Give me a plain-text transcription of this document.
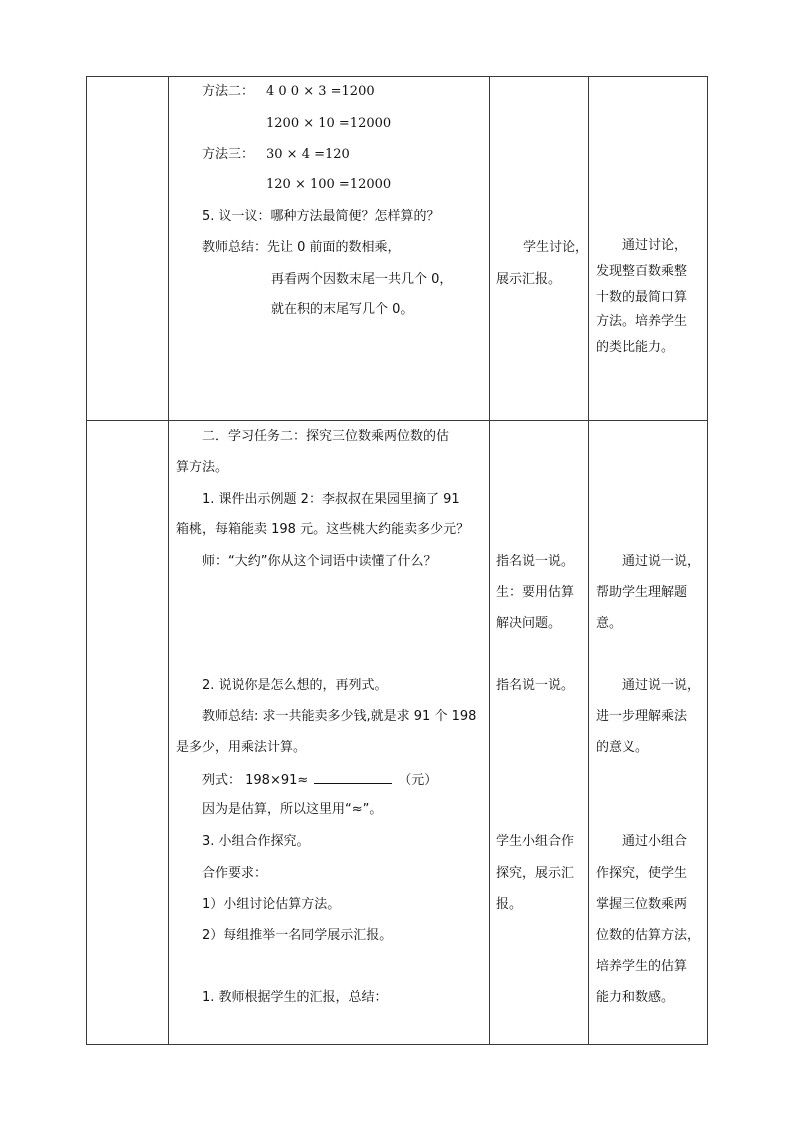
方法二： 4 0 0 × 3 =1200
1200 × 10 =12000
方法三： 30 × 4 =120
120 × 100 =12000
5. 议一议：哪种方法最简便？怎样算的？
教师总结：先让 0 前面的数相乘，
再看两个因数末尾一共几个 0，
就在积的末尾写几个 0。
学生讨论，
展示汇报。
通过讨论，
发现整百数乘整
十数的最简口算
方法。培养学生
的类比能力。
二．学习任务二：探究三位数乘两位数的估
算方法。
1. 课件出示例题 2：李叔叔在果园里摘了 91
箱桃，每箱能卖 198 元。这些桃大约能卖多少元？
师：“大约”你从这个词语中读懂了什么？
2. 说说你是怎么想的，再列式。
教师总结: 求一共能卖多少钱,就是求 91 个 198
是多少，用乘法计算。
列式： 198×91≈	（元）
因为是估算，所以这里用“≈”。
3. 小组合作探究。
合作要求：
1）小组讨论估算方法。
2）每组推举一名同学展示汇报。
1. 教师根据学生的汇报，总结：
指名说一说。
生：要用估算
解决问题。
指名说一说。
学生小组合作
探究，展示汇
报。
通过说一说，
帮助学生理解题
意。
通过说一说，
进一步理解乘法
的意义。
通过小组合
作探究，使学生
掌握三位数乘两
位数的估算方法，
培养学生的估算
能力和数感。
